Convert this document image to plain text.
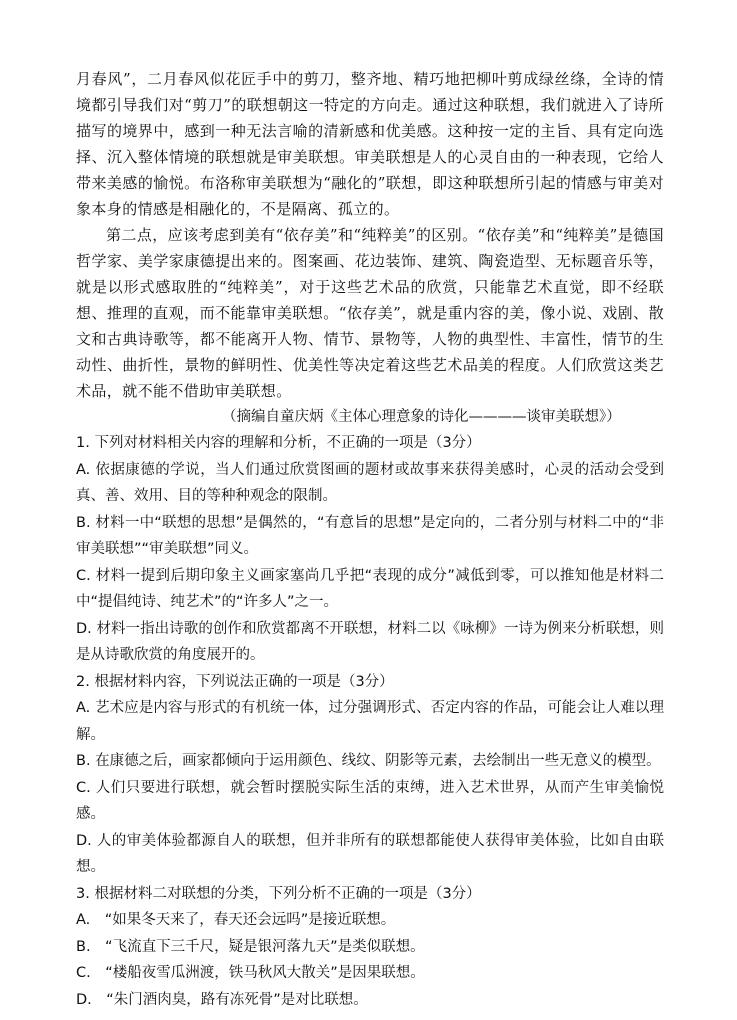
月春风”，二月春风似花匠手中的剪刀，整齐地、精巧地把柳叶剪成绿丝绦，全诗的情境都引导我们对“剪刀”的联想朝这一特定的方向走。通过这种联想，我们就进入了诗所描写的境界中，感到一种无法言喻的清新感和优美感。这种按一定的主旨、具有定向选择、沉入整体情境的联想就是审美联想。审美联想是人的心灵自由的一种表现，它给人带来美感的愉悦。布洛称审美联想为“融化的”联想，即这种联想所引起的情感与审美对象本身的情感是相融化的，不是隔离、孤立的。

第二点，应该考虑到美有“依存美”和“纯粹美”的区别。“依存美”和“纯粹美”是德国哲学家、美学家康德提出来的。图案画、花边装饰、建筑、陶瓷造型、无标题音乐等，就是以形式感取胜的“纯粹美”，对于这些艺术品的欣赏，只能靠艺术直觉，即不经联想、推理的直观，而不能靠审美联想。“依存美”，就是重内容的美，像小说、戏剧、散文和古典诗歌等，都不能离开人物、情节、景物等，人物的典型性、丰富性，情节的生动性、曲折性，景物的鲜明性、优美性等决定着这些艺术品美的程度。人们欣赏这类艺术品，就不能不借助审美联想。

（摘编自童庆炳《主体心理意象的诗化————谈审美联想》）

1. 下列对材料相关内容的理解和分析，不正确的一项是（3分）

A. 依据康德的学说，当人们通过欣赏图画的题材或故事来获得美感时，心灵的活动会受到真、善、效用、目的等种种观念的限制。

B. 材料一中“联想的思想”是偶然的，“有意旨的思想”是定向的，二者分别与材料二中的“非审美联想”“审美联想”同义。

C. 材料一提到后期印象主义画家塞尚几乎把“表现的成分”减低到零，可以推知他是材料二中“提倡纯诗、纯艺术”的“许多人”之一。

D. 材料一指出诗歌的创作和欣赏都离不开联想，材料二以《咏柳》一诗为例来分析联想，则是从诗歌欣赏的角度展开的。

2. 根据材料内容，下列说法正确的一项是（3分）

A. 艺术应是内容与形式的有机统一体，过分强调形式、否定内容的作品，可能会让人难以理解。

B. 在康德之后，画家都倾向于运用颜色、线纹、阴影等元素，去绘制出一些无意义的模型。

C. 人们只要进行联想，就会暂时摆脱实际生活的束缚，进入艺术世界，从而产生审美愉悦感。

D. 人的审美体验都源自人的联想，但并非所有的联想都能使人获得审美体验，比如自由联想。

3. 根据材料二对联想的分类，下列分析不正确的一项是（3分）

A.　“如果冬天来了，春天还会远吗”是接近联想。

B.　“飞流直下三千尺，疑是银河落九天”是类似联想。

C.　“楼船夜雪瓜洲渡，铁马秋风大散关”是因果联想。

D.　“朱门酒肉臭，路有冻死骨”是对比联想。
